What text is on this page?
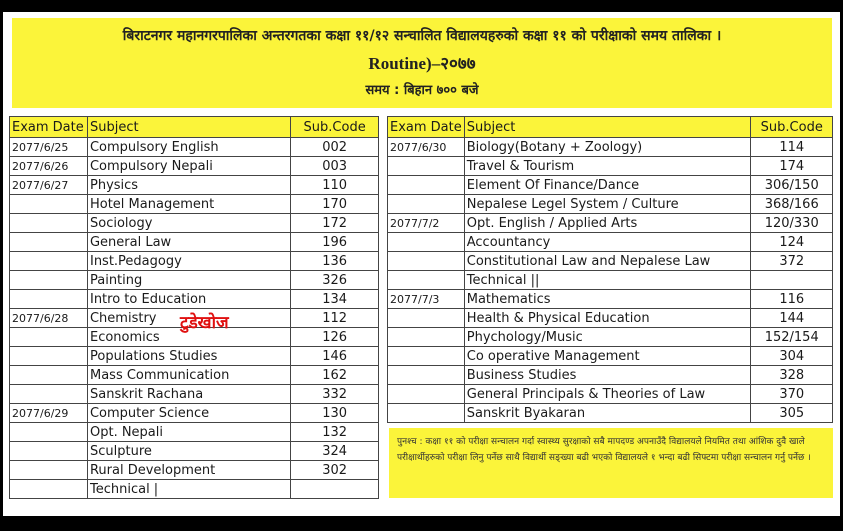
बिराटनगर महानगरपालिका अन्तरगतका कक्षा ११/१२ सन्चालित विद्यालयहरुको कक्षा ११ को परीक्षाको समय तालिका ।
Routine)–२०७७
समय : बिहान ७०० बजे
Exam Date	Subject	Sub.Code
2077/6/25	Compulsory English	002
2077/6/26	Compulsory Nepali	003
2077/6/27	Physics	110
	Hotel Management	170
	Sociology	172
	General Law	196
	Inst.Pedagogy	136
	Painting	326
	Intro to Education	134
2077/6/28	Chemistry	112
	Economics	126
	Populations Studies	146
	Mass Communication	162
	Sanskrit Rachana	332
2077/6/29	Computer Science	130
	Opt. Nepali	132
	Sculpture	324
	Rural Development	302
	Technical |	
Exam Date	Subject	Sub.Code
2077/6/30	Biology(Botany + Zoology)	114
	Travel & Tourism	174
	Element Of Finance/Dance	306/150
	Nepalese Legel System / Culture	368/166
2077/7/2	Opt. English / Applied Arts	120/330
	Accountancy	124
	Constitutional Law and Nepalese Law	372
	Technical ||	
2077/7/3	Mathematics	116
	Health & Physical Education	144
	Phychology/Music	152/154
	Co operative Management	304
	Business Studies	328
	General Principals & Theories of Law	370
	Sanskrit Byakaran	305
टुडेखोज
पुनश्च : कक्षा ११ को परीक्षा सन्चालन गर्दा स्वास्थ्य सुरक्षाको सबै मापदण्ड अपनाउँदै विद्यालयले नियमित तथा आंशिक दुवै खाले परीक्षार्थीहरुको परीक्षा लिनु पर्नेछ साथै विद्यार्थी सङ्ख्या बढी भएको विद्यालयले १ भन्दा बढी सिफ्टमा परीक्षा सन्चालन गर्नु पर्नेछ ।
